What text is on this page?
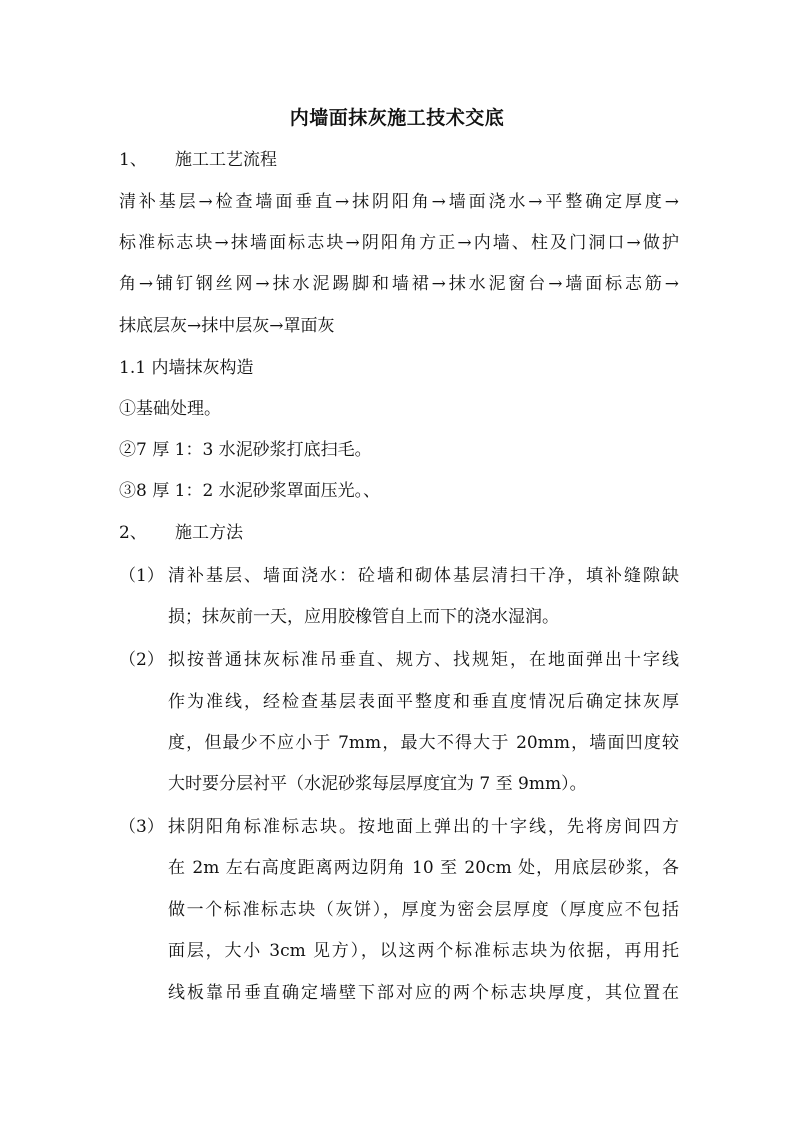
内墙面抹灰施工技术交底
1、 施工工艺流程
清补基层→检查墙面垂直→抹阴阳角→墙面浇水→平整确定厚度→
标准标志块→抹墙面标志块→阴阳角方正→内墙、柱及门洞口→做护
角→铺钉钢丝网→抹水泥踢脚和墙裙→抹水泥窗台→墙面标志筋→
抹底层灰→抹中层灰→罩面灰
1.1 内墙抹灰构造
①基础处理。
②7 厚 1：3 水泥砂浆打底扫毛。
③8 厚 1：2 水泥砂浆罩面压光。、
2、 施工方法
（1） 清补基层、墙面浇水：砼墙和砌体基层清扫干净，填补缝隙缺
损；抹灰前一天，应用胶橡管自上而下的浇水湿润。
（2） 拟按普通抹灰标准吊垂直、规方、找规矩，在地面弹出十字线
作为准线，经检查基层表面平整度和垂直度情况后确定抹灰厚
度，但最少不应小于 7mm，最大不得大于 20mm，墙面凹度较
大时要分层衬平（水泥砂浆每层厚度宜为 7 至 9mm）。
（3） 抹阴阳角标准标志块。按地面上弹出的十字线，先将房间四方
在 2m 左右高度距离两边阴角 10 至 20cm 处，用底层砂浆，各
做一个标准标志块（灰饼），厚度为密会层厚度（厚度应不包括
面层，大小 3cm 见方），以这两个标准标志块为依据，再用托
线板靠吊垂直确定墙壁下部对应的两个标志块厚度，其位置在
